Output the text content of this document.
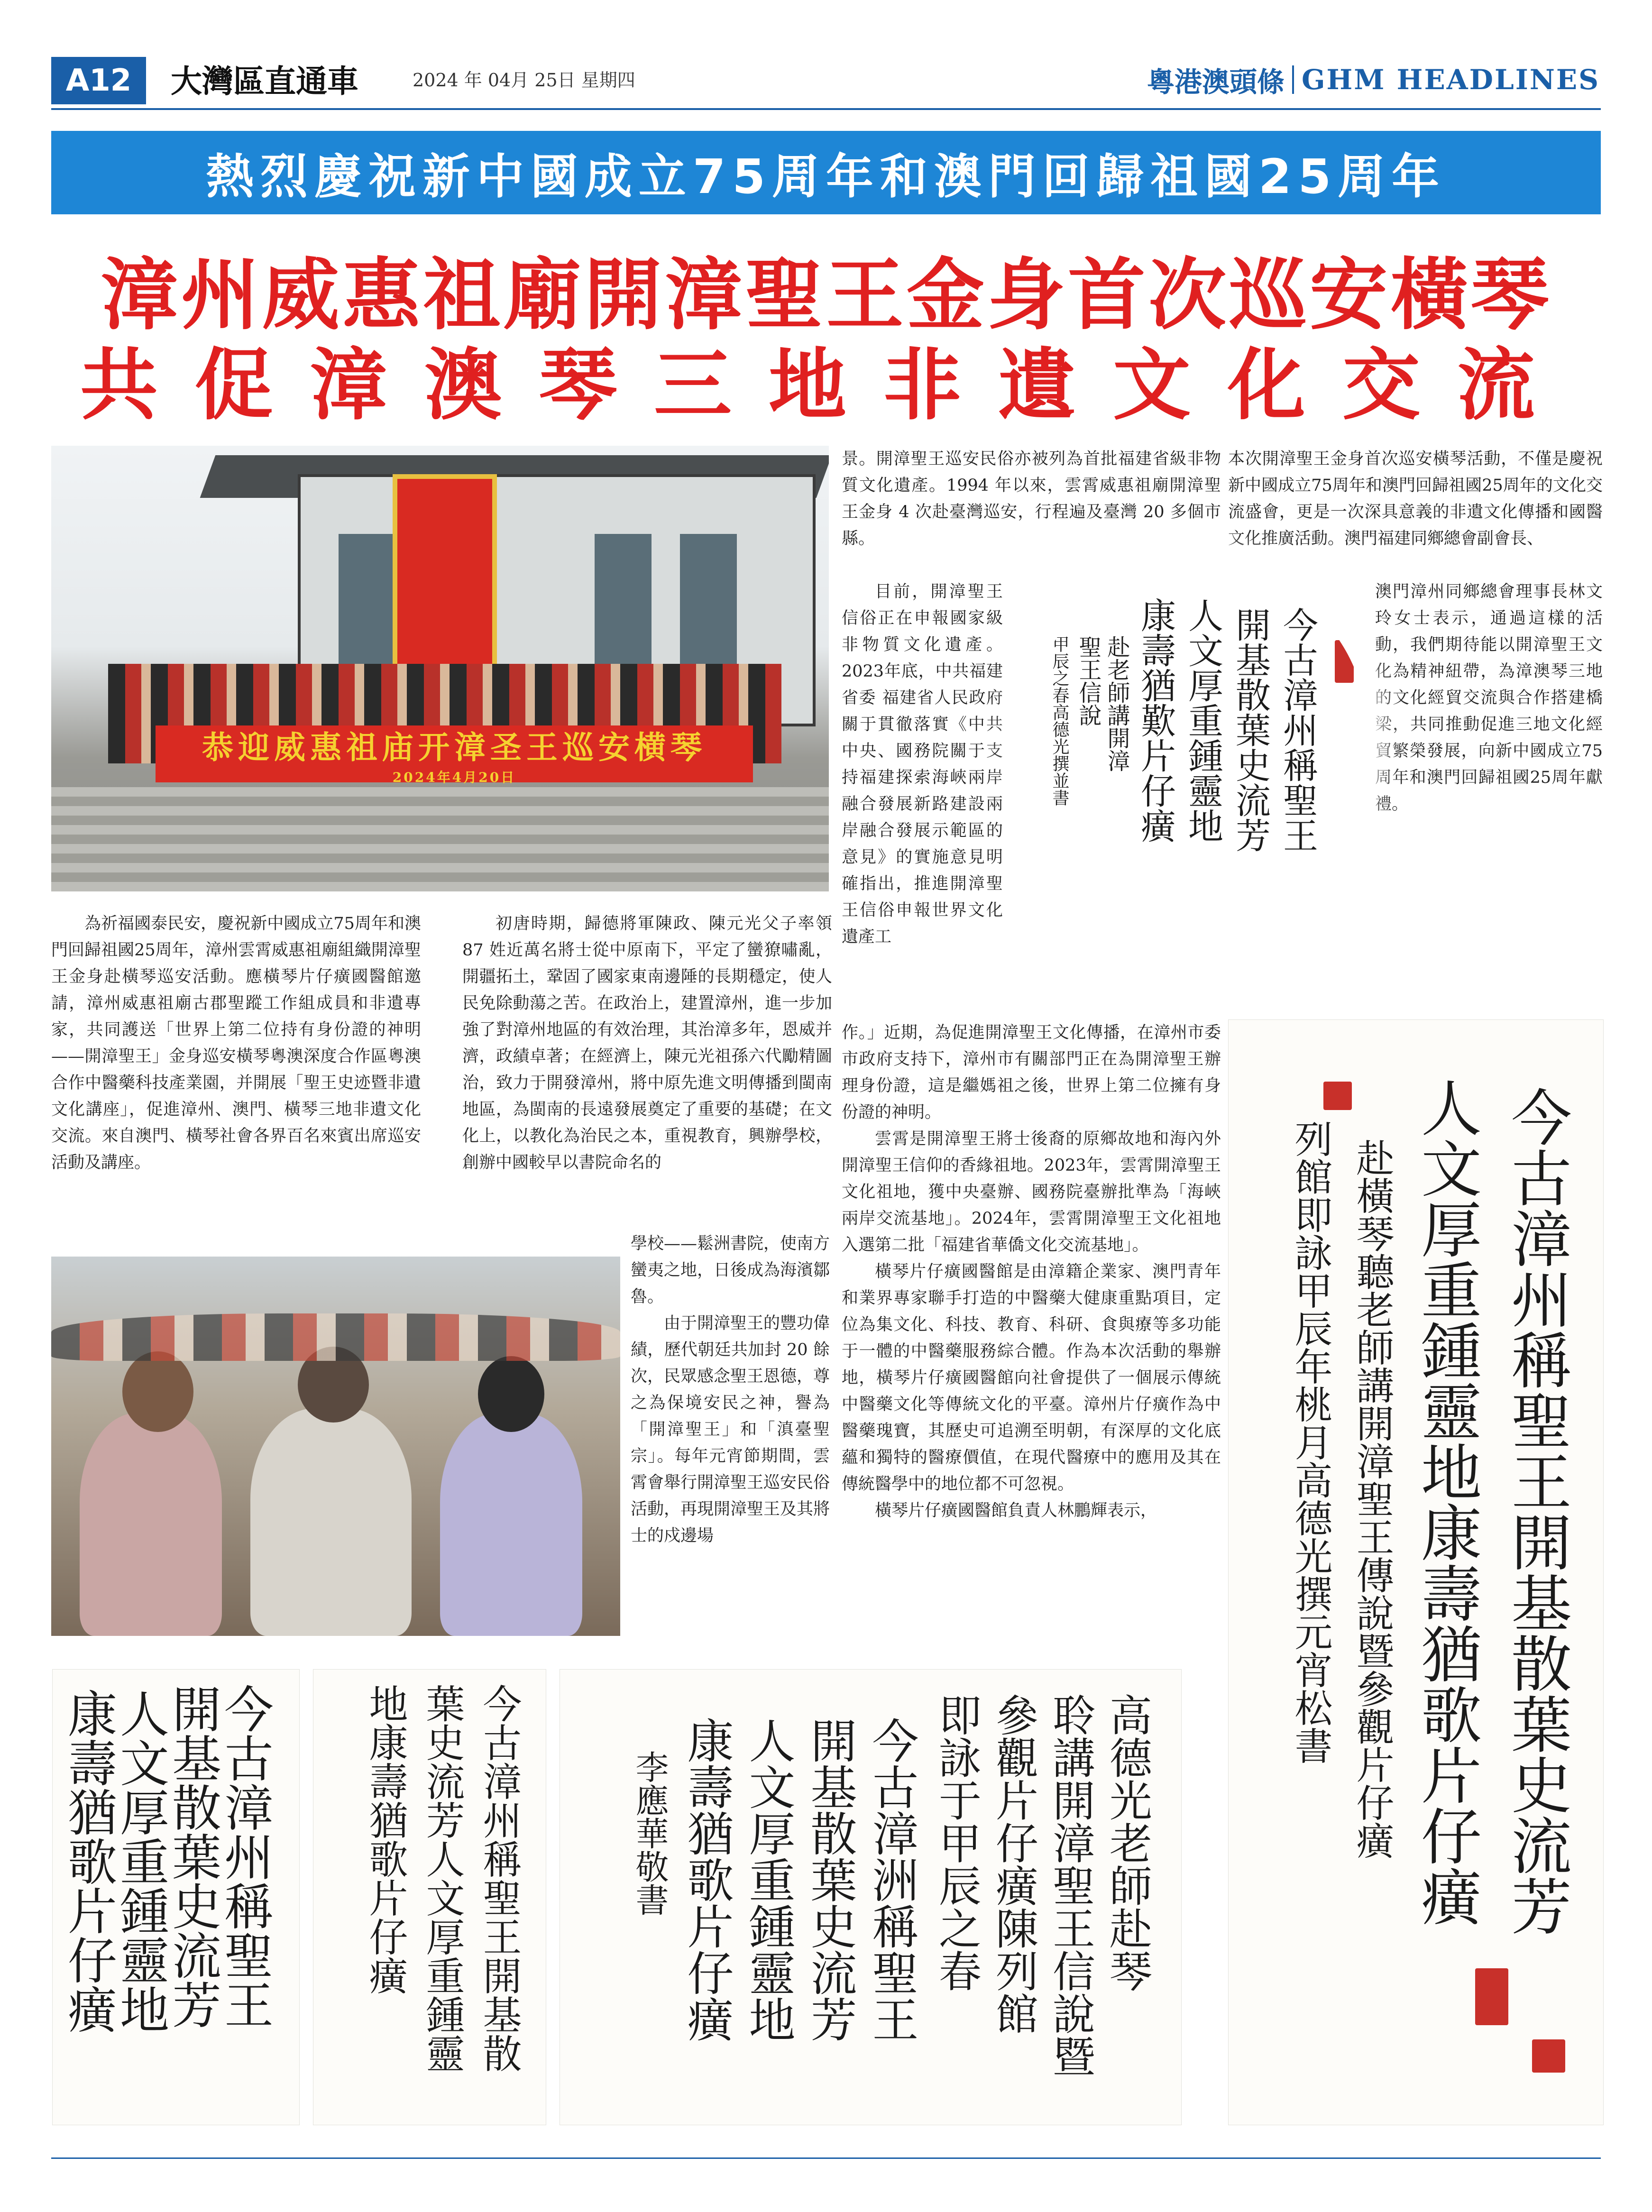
A12	大灣區直通車	2024 年 04月 25日 星期四	粵港澳頭條 GHM HEADLINES
熱烈慶祝新中國成立75周年和澳門回歸祖國25周年
漳州威惠祖廟開漳聖王金身首次巡安橫琴
共促漳澳琴三地非遺文化交流
恭迎威惠祖庙开漳圣王巡安横琴
2024年4月20日

為祈福國泰民安，慶祝新中國成立75周年和澳門回歸祖國25周年，漳州雲霄威惠祖廟組織開漳聖王金身赴橫琴巡安活動。應橫琴片仔癀國醫館邀請，漳州威惠祖廟古郡聖蹤工作組成員和非遺專家，共同護送「世界上第二位持有身份證的神明——開漳聖王」金身巡安橫琴粵澳深度合作區粵澳合作中醫藥科技產業園，并開展「聖王史迹暨非遺文化講座」，促進漳州、澳門、橫琴三地非遺文化交流。來自澳門、橫琴社會各界百名來賓出席巡安活動及講座。

初唐時期，歸德將軍陳政、陳元光父子率領 87 姓近萬名將士從中原南下，平定了蠻獠嘯亂，開疆拓土，鞏固了國家東南邊陲的長期穩定，使人民免除動蕩之苦。在政治上，建置漳州，進一步加強了對漳州地區的有效治理，其治漳多年，恩威并濟，政績卓著；在經濟上，陳元光祖孫六代勵精圖治，致力于開發漳州，將中原先進文明傳播到閩南地區，為閩南的長遠發展奠定了重要的基礎；在文化上，以教化為治民之本，重視教育，興辦學校，創辦中國較早以書院命名的

學校——鬆洲書院，使南方蠻夷之地，日後成為海濱鄒魯。

由于開漳聖王的豐功偉績，歷代朝廷共加封 20 餘次，民眾感念聖王恩德，尊之為保境安民之神，譽為「開漳聖王」和「滇臺聖宗」。每年元宵節期間，雲霄會舉行開漳聖王巡安民俗活動，再現開漳聖王及其將士的戍邊場

景。開漳聖王巡安民俗亦被列為首批福建省級非物質文化遺產。1994 年以來，雲霄威惠祖廟開漳聖王金身 4 次赴臺灣巡安，行程遍及臺灣 20 多個市縣。

目前，開漳聖王信俗正在申報國家級非物質文化遺產。2023年底，中共福建省委 福建省人民政府關于貫徹落實《中共中央、國務院關于支持福建探索海峽兩岸融合發展新路建設兩岸融合發展示範區的意見》的實施意見明確指出，推進開漳聖王信俗申報世界文化遺產工

作。」近期，為促進開漳聖王文化傳播，在漳州市委市政府支持下，漳州市有關部門正在為開漳聖王辦理身份證，這是繼媽祖之後，世界上第二位擁有身份證的神明。

雲霄是開漳聖王將士後裔的原鄉故地和海內外開漳聖王信仰的香緣祖地。2023年，雲霄開漳聖王文化祖地，獲中央臺辦、國務院臺辦批準為「海峽兩岸交流基地」。2024年，雲霄開漳聖王文化祖地入選第二批「福建省華僑文化交流基地」。

橫琴片仔癀國醫館是由漳籍企業家、澳門青年和業界專家聯手打造的中醫藥大健康重點項目，定位為集文化、科技、教育、科研、食與療等多功能于一體的中醫藥服務綜合體。作為本次活動的舉辦地，橫琴片仔癀國醫館向社會提供了一個展示傳統中醫藥文化等傳統文化的平臺。漳州片仔癀作為中醫藥瑰寶，其歷史可追溯至明朝，有深厚的文化底蘊和獨特的醫療價值，在現代醫療中的應用及其在傳統醫學中的地位都不可忽視。

橫琴片仔癀國醫館負責人林鵬輝表示，

本次開漳聖王金身首次巡安橫琴活動，不僅是慶祝新中國成立75周年和澳門回歸祖國25周年的文化交流盛會，更是一次深具意義的非遺文化傳播和國醫文化推廣活動。澳門福建同鄉總會副會長、

澳門漳州同鄉總會理事長林文玲女士表示，通過這樣的活動，我們期待能以開漳聖王文化為精神紐帶，為漳澳琴三地的文化經貿交流與合作搭建橋梁，共同推動促進三地文化經貿繁榮發展，向新中國成立75周年和澳門回歸祖國25周年獻禮。

今古漳州稱聖王
開基散葉史流芳
人文厚重鍾靈地
康壽猶歎片仔癀
赴老師講開漳
聖王信說
甲辰之春高德光撰並書
今古漳州稱聖王開基散葉史流芳
人文厚重鍾靈地康壽猶歌片仔癀
赴橫琴聽老師講開漳聖王傳說暨參觀片仔癀
列館即詠甲辰年桃月高德光撰元宵松書
今古漳州稱聖王
開基散葉史流芳
人文厚重鍾靈地
康壽猶歌片仔癀	今古漳州稱聖王開基散
葉史流芳人文厚重鍾靈
地康壽猶歌片仔癀	高德光老師赴琴
聆講開漳聖王信說暨
參觀片仔癀陳列館
即詠于甲辰之春
今古漳洲稱聖王
開基散葉史流芳
人文厚重鍾靈地
康壽猶歌片仔癀
李應華敬書
